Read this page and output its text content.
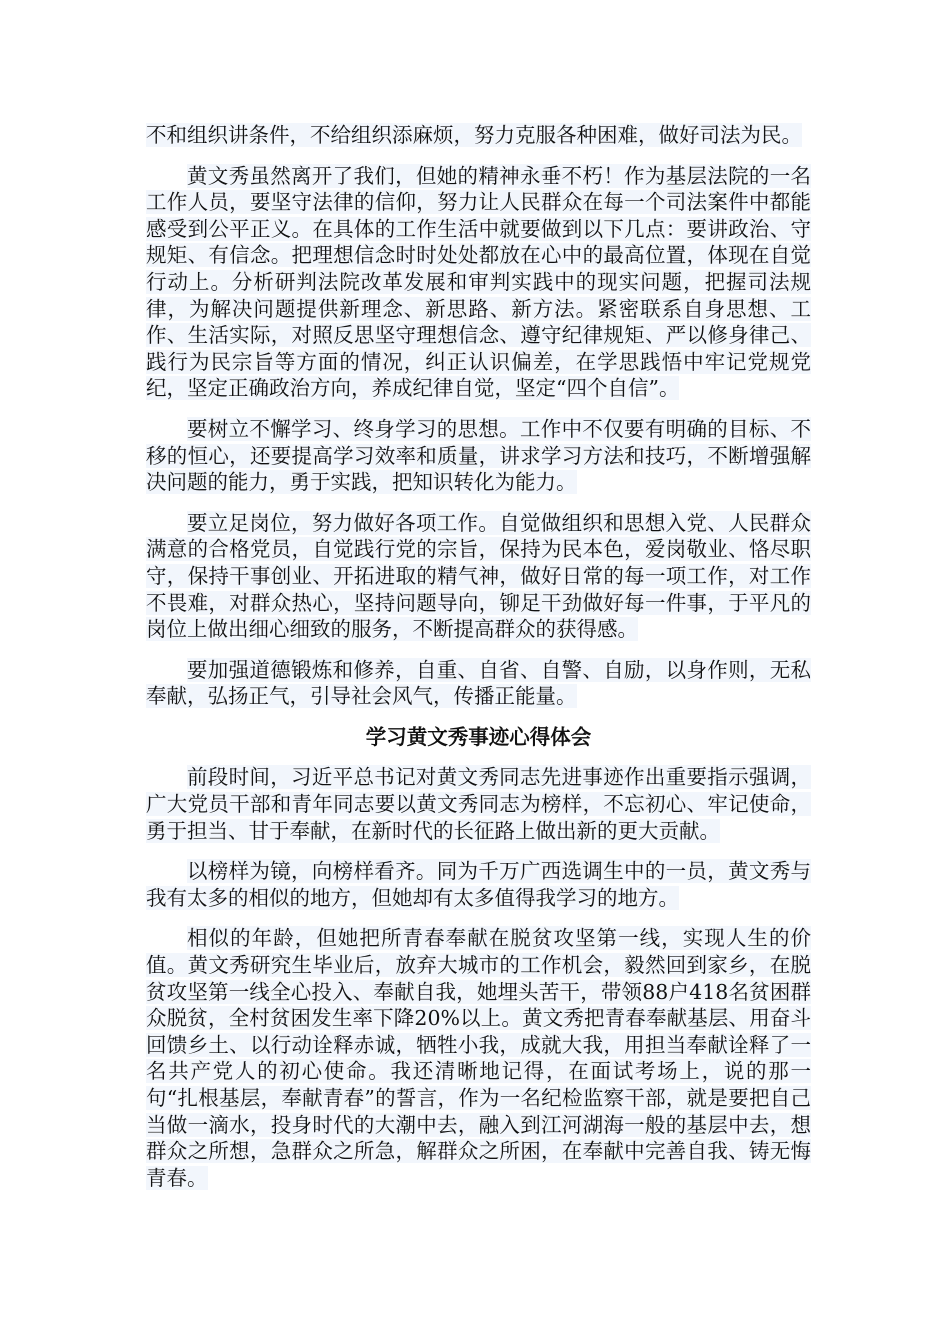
不和组织讲条件，不给组织添麻烦，努力克服各种困难，做好司法为民。

黄文秀虽然离开了我们，但她的精神永垂不朽！作为基层法院的一名工作人员，要坚守法律的信仰，努力让人民群众在每一个司法案件中都能感受到公平正义。在具体的工作生活中就要做到以下几点：要讲政治、守规矩、有信念。把理想信念时时处处都放在心中的最高位置，体现在自觉行动上。分析研判法院改革发展和审判实践中的现实问题，把握司法规律，为解决问题提供新理念、新思路、新方法。紧密联系自身思想、工作、生活实际，对照反思坚守理想信念、遵守纪律规矩、严以修身律己、践行为民宗旨等方面的情况，纠正认识偏差，在学思践悟中牢记党规党纪，坚定正确政治方向，养成纪律自觉，坚定“四个自信”。

要树立不懈学习、终身学习的思想。工作中不仅要有明确的目标、不移的恒心，还要提高学习效率和质量，讲求学习方法和技巧，不断增强解决问题的能力，勇于实践，把知识转化为能力。

要立足岗位，努力做好各项工作。自觉做组织和思想入党、人民群众满意的合格党员，自觉践行党的宗旨，保持为民本色，爱岗敬业、恪尽职守，保持干事创业、开拓进取的精气神，做好日常的每一项工作，对工作不畏难，对群众热心，坚持问题导向，铆足干劲做好每一件事，于平凡的岗位上做出细心细致的服务，不断提高群众的获得感。

要加强道德锻炼和修养，自重、自省、自警、自励，以身作则，无私奉献，弘扬正气，引导社会风气，传播正能量。

学习黄文秀事迹心得体会

前段时间，习近平总书记对黄文秀同志先进事迹作出重要指示强调，广大党员干部和青年同志要以黄文秀同志为榜样，不忘初心、牢记使命，勇于担当、甘于奉献，在新时代的长征路上做出新的更大贡献。

以榜样为镜，向榜样看齐。同为千万广西选调生中的一员，黄文秀与我有太多的相似的地方，但她却有太多值得我学习的地方。

相似的年龄，但她把所青春奉献在脱贫攻坚第一线，实现人生的价值。黄文秀研究生毕业后，放弃大城市的工作机会，毅然回到家乡，在脱贫攻坚第一线全心投入、奉献自我，她埋头苦干，带领88户418名贫困群众脱贫，全村贫困发生率下降20%以上。黄文秀把青春奉献基层、用奋斗回馈乡土、以行动诠释赤诚，牺牲小我，成就大我，用担当奉献诠释了一名共产党人的初心使命。我还清晰地记得，在面试考场上，说的那一句“扎根基层，奉献青春”的誓言，作为一名纪检监察干部，就是要把自己当做一滴水，投身时代的大潮中去，融入到江河湖海一般的基层中去，想群众之所想，急群众之所急，解群众之所困，在奉献中完善自我、铸无悔青春。
